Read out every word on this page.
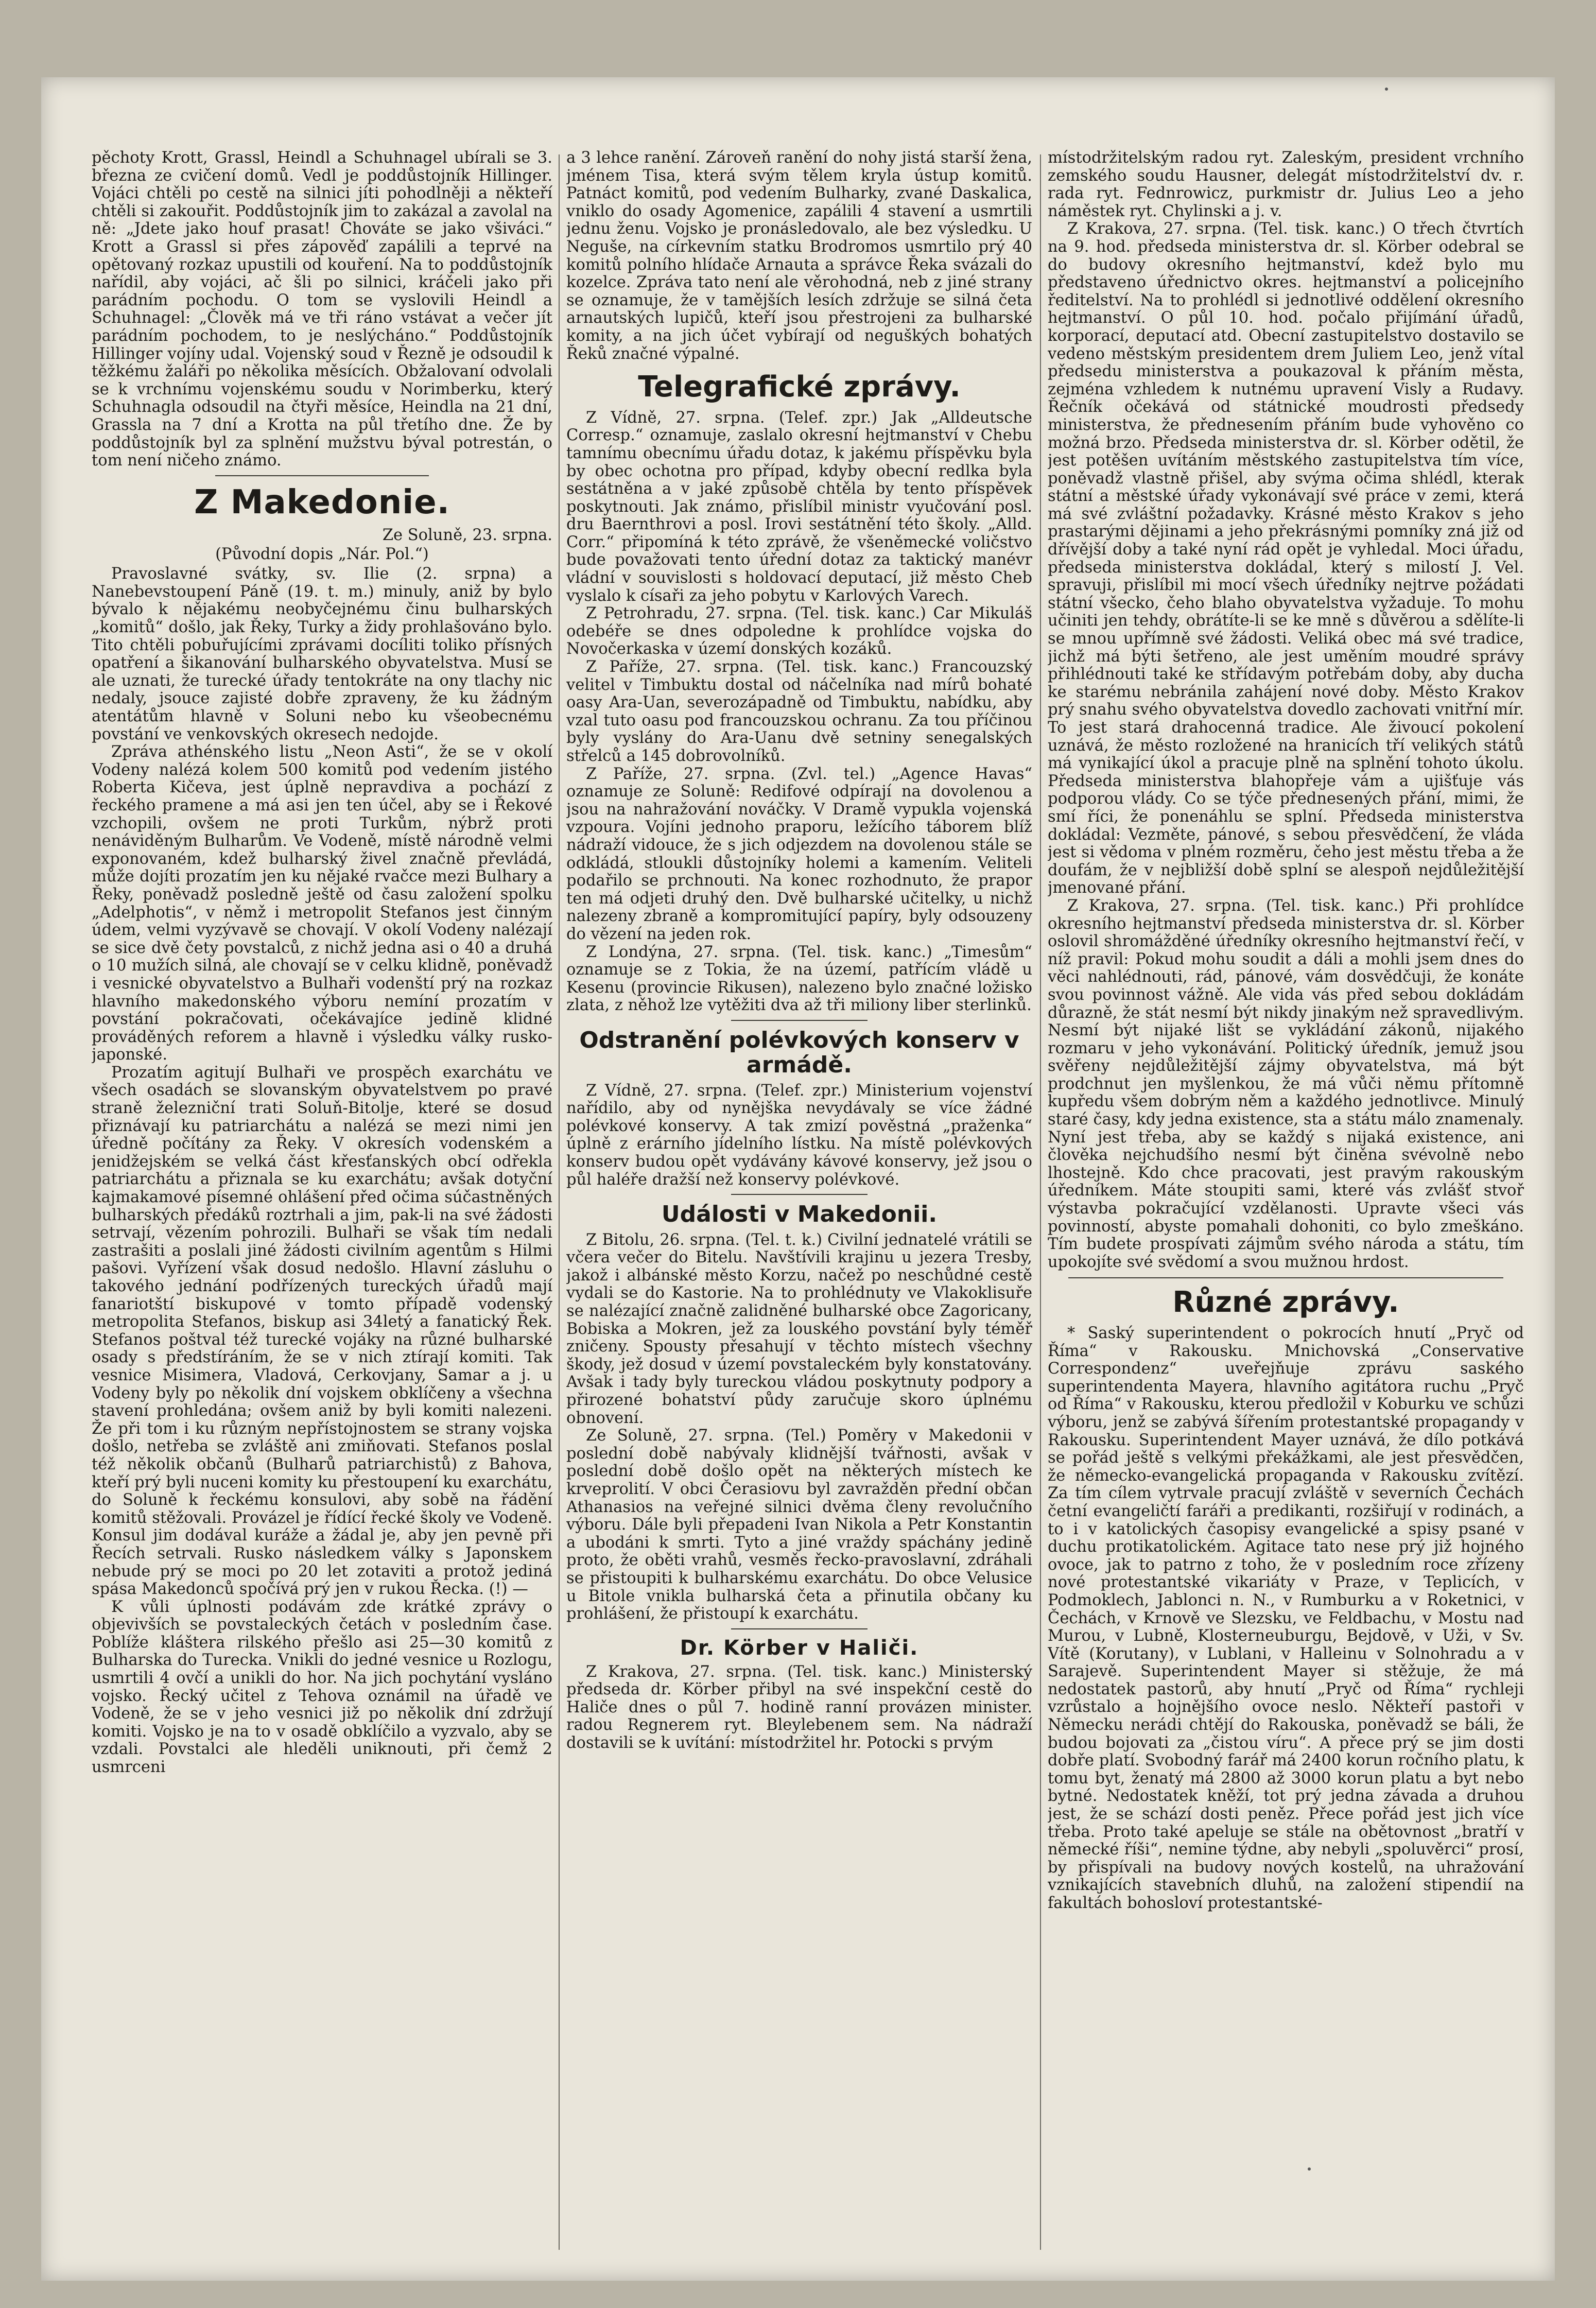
pěchoty Krott, Grassl, Heindl a Schuhnagel ubírali se 3. března ze cvičení domů. Vedl je poddůstojník Hillinger. Vojáci chtěli po cestě na silnici jíti pohodlněji a někteří chtěli si zakouřit. Poddůstojník jim to zakázal a zavolal na ně: „Jdete jako houf prasat! Chováte se jako všiváci.“ Krott a Grassl si přes zápověď zapálili a teprvé na opětovaný rozkaz upustili od kouření. Na to poddůstojník nařídil, aby vojáci, ač šli po silnici, kráčeli jako při parádním pochodu. O tom se vyslovili Heindl a Schuhnagel: „Člověk má ve tři ráno vstávat a večer jít parádním pochodem, to je neslýcháno.“ Poddůstojník Hillinger vojíny udal. Vojenský soud v Řezně je odsoudil k těžkému žaláři po několika měsících. Obžalovaní odvolali se k vrchnímu vojenskému soudu v Norimberku, který Schuhnagla odsoudil na čtyři měsíce, Heindla na 21 dní, Grassla na 7 dní a Krotta na půl třetího dne. Že by poddůstojník byl za splnění mužstvu býval potrestán, o tom není ničeho známo.

Z Makedonie.

Ze Soluně, 23. srpna.

(Původní dopis „Nár. Pol.“)

Pravoslavné svátky, sv. Ilie (2. srpna) a Nanebevstoupení Páně (19. t. m.) minuly, aniž by bylo bývalo k nějakému neobyčejnému činu bulharských „komitů“ došlo, jak Řeky, Turky a židy prohlašováno bylo. Tito chtěli pobuřujícími zprávami docíliti toliko přísných opatření a šikanování bulharského obyvatelstva. Musí se ale uznati, že turecké úřady tentokráte na ony tlachy nic nedaly, jsouce zajisté dobře zpraveny, že ku žádným atentátům hlavně v Soluni nebo ku všeobecnému povstání ve venkovských okresech nedojde.

Zpráva athénského listu „Neon Asti“, že se v okolí Vodeny nalézá kolem 500 komitů pod vedením jistého Roberta Kičeva, jest úplně nepravdiva a pochází z řeckého pramene a má asi jen ten účel, aby se i Řekové vzchopili, ovšem ne proti Turkům, nýbrž proti nenáviděným Bulharům. Ve Vodeně, místě národně velmi exponovaném, kdež bulharský živel značně převládá, může dojíti prozatím jen ku nějaké rvačce mezi Bulhary a Řeky, poněvadž posledně ještě od času založení spolku „Adelphotis“, v němž i metropolit Stefanos jest činným údem, velmi vyzývavě se chovají. V okolí Vodeny nalézají se sice dvě čety povstalců, z nichž jedna asi o 40 a druhá o 10 mužích silná, ale chovají se v celku klidně, poněvadž i vesnické obyvatelstvo a Bulhaři vodenští prý na rozkaz hlavního makedonského výboru nemíní prozatím v povstání pokračovati, očekávajíce jedině klidné prováděných reforem a hlavně i výsledku války rusko-japonské.

Prozatím agitují Bulhaři ve prospěch exarchátu ve všech osadách se slovanským obyvatelstvem po pravé straně železniční trati Soluň-Bitolje, které se dosud přiznávají ku patriarchátu a nalézá se mezi nimi jen úředně počítány za Řeky. V okresích vodenském a jenidžejském se velká část křesťanských obcí odřekla patriarchátu a přiznala se ku exarchátu; avšak dotyční kajmakamové písemné ohlášení před očima súčastněných bulharských předáků roztrhali a jim, pak-li na své žádosti setrvají, vězením pohrozili. Bulhaři se však tím nedali zastrašiti a poslali jiné žádosti civilním agentům s Hilmi pašovi. Vyřízení však dosud nedošlo. Hlavní zásluhu o takového jednání podřízených tureckých úřadů mají fanariotští biskupové v tomto případě vodenský metropolita Stefanos, biskup asi 34letý a fanatický Řek. Stefanos poštval též turecké vojáky na různé bulharské osady s předstíráním, že se v nich ztírají komiti. Tak vesnice Misimera, Vladová, Cerkovjany, Samar a j. u Vodeny byly po několik dní vojskem obklíčeny a všechna stavení prohledána; ovšem aniž by byli komiti nalezeni. Že při tom i ku různým nepřístojnostem se strany vojska došlo, netřeba se zvláště ani zmiňovati. Stefanos poslal též několik občanů (Bulharů patriarchistů) z Bahova, kteří prý byli nuceni komity ku přestoupení ku exarchátu, do Soluně k řeckému konsulovi, aby sobě na řádění komitů stěžovali. Provázel je řídící řecké školy ve Vodeně. Konsul jim dodával kuráže a žádal je, aby jen pevně při Řecích setrvali. Rusko následkem války s Japonskem nebude prý se moci po 20 let zotaviti a protož jediná spása Makedonců spočívá prý jen v rukou Řecka. (!) —

K vůli úplnosti podávám zde krátké zprávy o objevivších se povstaleckých četách v posledním čase. Poblíže kláštera rilského přešlo asi 25—30 komitů z Bulharska do Turecka. Vnikli do jedné vesnice u Rozlogu, usmrtili 4 ovčí a unikli do hor. Na jich pochytání vysláno vojsko. Řecký učitel z Tehova oznámil na úřadě ve Vodeně, že se v jeho vesnici již po několik dní zdržují komiti. Vojsko je na to v osadě obklíčilo a vyzvalo, aby se vzdali. Povstalci ale hleděli uniknouti, při čemž 2 usmrceni

a 3 lehce ranění. Zároveň ranění do nohy jistá starší žena, jménem Tisa, která svým tělem kryla ústup komitů. Patnáct komitů, pod vedením Bulharky, zvané Daskalica, vniklo do osady Agomenice, zapálili 4 stavení a usmrtili jednu ženu. Vojsko je pronásledovalo, ale bez výsledku. U Neguše, na církevním statku Brodromos usmrtilo prý 40 komitů polního hlídače Arnauta a správce Řeka svázali do kozelce. Zpráva tato není ale věrohodná, neb z jiné strany se oznamuje, že v tamějších lesích zdržuje se silná četa arnautských lupičů, kteří jsou přestrojeni za bulharské komity, a na jich účet vybírají od neguškých bohatých Řeků značné výpalné.

Telegrafické zprávy.

Z Vídně, 27. srpna. (Telef. zpr.) Jak „Alldeutsche Corresp.“ oznamuje, zaslalo okresní hejtmanství v Chebu tamnímu obecnímu úřadu dotaz, k jakému příspěvku byla by obec ochotna pro případ, kdyby obecní redlka byla sestátněna a v jaké způsobě chtěla by tento příspěvek poskytnouti. Jak známo, přislíbil ministr vyučování posl. dru Baernthrovi a posl. Irovi sestátnění této školy. „Alld. Corr.“ připomíná k této zprávě, že všeněmecké voličstvo bude považovati tento úřední dotaz za taktický manévr vládní v souvislosti s holdovací deputací, již město Cheb vyslalo k císaři za jeho pobytu v Karlových Varech.

Z Petrohradu, 27. srpna. (Tel. tisk. kanc.) Car Mikuláš odebéře se dnes odpoledne k prohlídce vojska do Novočerkaska v území donských kozáků.

Z Paříže, 27. srpna. (Tel. tisk. kanc.) Francouzský velitel v Timbuktu dostal od náčelníka nad mírů bohaté oasy Ara-Uan, severozápadně od Timbuktu, nabídku, aby vzal tuto oasu pod francouzskou ochranu. Za tou příčinou byly vyslány do Ara-Uanu dvě setniny senegalských střelců a 145 dobrovolníků.

Z Paříže, 27. srpna. (Zvl. tel.) „Agence Havas“ oznamuje ze Soluně: Redifové odpírají na dovolenou a jsou na nahražování nováčky. V Dramě vypukla vojenská vzpoura. Vojíni jednoho praporu, ležícího táborem blíž nádraží vidouce, že s jich odjezdem na dovolenou stále se odkládá, stloukli důstojníky holemi a kamením. Veliteli podařilo se prchnouti. Na konec rozhodnuto, že prapor ten má odjeti druhý den. Dvě bulharské učitelky, u nichž nalezeny zbraně a kompromitující papíry, byly odsouzeny do vězení na jeden rok.

Z Londýna, 27. srpna. (Tel. tisk. kanc.) „Timesům“ oznamuje se z Tokia, že na území, patřícím vládě u Kesenu (provincie Rikusen), nalezeno bylo značné ložisko zlata, z něhož lze vytěžiti dva až tři miliony liber sterlinků.

Odstranění polévkových konserv v armádě.

Z Vídně, 27. srpna. (Telef. zpr.) Ministerium vojenství nařídilo, aby od nynějška nevydávaly se více žádné polévkové konservy. A tak zmizí pověstná „praženka“ úplně z erárního jídelního lístku. Na místě polévkových konserv budou opět vydávány kávové konservy, jež jsou o půl haléře dražší než konservy polévkové.

Události v Makedonii.

Z Bitolu, 26. srpna. (Tel. t. k.) Civilní jednatelé vrátili se včera večer do Bitelu. Navštívili krajinu u jezera Tresby, jakož i albánské město Korzu, načež po neschůdné cestě vydali se do Kastorie. Na to prohlédnuty ve Vlakoklisuře se nalézající značně zalidněné bulharské obce Zagoricany, Bobiska a Mokren, jež za louského povstání byly téměř zničeny. Spousty přesahují v těchto místech všechny škody, jež dosud v území povstaleckém byly konstatovány. Avšak i tady byly tureckou vládou poskytnuty podpory a přirozené bohatství půdy zaručuje skoro úplnému obnovení.

Ze Soluně, 27. srpna. (Tel.) Poměry v Makedonii v poslední době nabývaly klidnější tvářnosti, avšak v poslední době došlo opět na některých místech ke krveprolití. V obci Čerasiovu byl zavražděn přední občan Athanasios na veřejné silnici dvěma členy revolučního výboru. Dále byli přepadeni Ivan Nikola a Petr Konstantin a ubodáni k smrti. Tyto a jiné vraždy spáchány jedině proto, že oběti vrahů, vesměs řecko-pravoslavní, zdráhali se přistoupiti k bulharskému exarchátu. Do obce Velusice u Bitole vnikla bulharská četa a přinutila občany ku prohlášení, že přistoupí k exarchátu.

Dr. Körber v Haliči.

Z Krakova, 27. srpna. (Tel. tisk. kanc.) Ministerský předseda dr. Körber přibyl na své inspekční cestě do Haliče dnes o půl 7. hodině ranní provázen minister. radou Regnerem ryt. Bleylebenem sem. Na nádraží dostavili se k uvítání: místodržitel hr. Potocki s prvým

místodržitelským radou ryt. Zaleským, president vrchního zemského soudu Hausner, delegát místodržitelství dv. r. rada ryt. Fednrowicz, purkmistr dr. Julius Leo a jeho náměstek ryt. Chylinski a j. v.

Z Krakova, 27. srpna. (Tel. tisk. kanc.) O třech čtvrtích na 9. hod. předseda ministerstva dr. sl. Körber odebral se do budovy okresního hejtmanství, kdež bylo mu představeno úřednictvo okres. hejtmanství a policejního ředitelství. Na to prohlédl si jednotlivé oddělení okresního hejtmanství. O půl 10. hod. počalo přijímání úřadů, korporací, deputací atd. Obecní zastupitelstvo dostavilo se vedeno městským presidentem drem Juliem Leo, jenž vítal předsedu ministerstva a poukazoval k přáním města, zejména vzhledem k nutnému upravení Visly a Rudavy. Řečník očekává od státnické moudrosti předsedy ministerstva, že přednesením přáním bude vyhověno co možná brzo. Předseda ministerstva dr. sl. Körber odětil, že jest potěšen uvítáním městského zastupitelstva tím více, poněvadž vlastně přišel, aby svýma očima shlédl, kterak státní a městské úřady vykonávají své práce v zemi, která má své zvláštní požadavky. Krásné město Krakov s jeho prastarými dějinami a jeho překrásnými pomníky zná již od dřívější doby a také nyní rád opět je vyhledal. Moci úřadu, předseda ministerstva dokládal, který s milostí J. Vel. spravuji, přislíbil mi mocí všech úředníky nejtrve požádati státní všecko, čeho blaho obyvatelstva vyžaduje. To mohu učiniti jen tehdy, obrátíte-li se ke mně s důvěrou a sdělíte-li se mnou upřímně své žádosti. Veliká obec má své tradice, jichž má býti šetřeno, ale jest uměním moudré správy přihlédnouti také ke střídavým potřebám doby, aby ducha ke starému nebránila zahájení nové doby. Město Krakov prý snahu svého obyvatelstva dovedlo zachovati vnitřní mír. To jest stará drahocenná tradice. Ale živoucí pokolení uznává, že město rozložené na hranicích tří velikých států má vynikající úkol a pracuje plně na splnění tohoto úkolu. Předseda ministerstva blahopřeje vám a ujišťuje vás podporou vlády. Co se týče přednesených přání, mimi, že smí říci, že ponenáhlu se splní. Předseda ministerstva dokládal: Vezměte, pánové, s sebou přesvědčení, že vláda jest si vědoma v plném rozměru, čeho jest městu třeba a že doufám, že v nejbližší době splní se alespoň nejdůležitější jmenované přání.

Z Krakova, 27. srpna. (Tel. tisk. kanc.) Při prohlídce okresního hejtmanství předseda ministerstva dr. sl. Körber oslovil shromážděné úředníky okresního hejtmanství řečí, v níž pravil: Pokud mohu soudit a dáli a mohli jsem dnes do věci nahlédnouti, rád, pánové, vám dosvědčuji, že konáte svou povinnost vážně. Ale vida vás před sebou dokládám důrazně, že stát nesmí být nikdy jinakým než spravedlivým. Nesmí být nijaké lišt se vykládání zákonů, nijakého rozmaru v jeho vykonávání. Politický úředník, jemuž jsou svěřeny nejdůležitější zájmy obyvatelstva, má být prodchnut jen myšlenkou, že má vůči němu přítomně kupředu všem dobrým něm a každého jednotlivce. Minulý staré časy, kdy jedna existence, sta a státu málo znamenaly. Nyní jest třeba, aby se každý s nijaká existence, ani člověka nejchudšího nesmí být činěna svévolně nebo lhostejně. Kdo chce pracovati, jest pravým rakouským úředníkem. Máte stoupiti sami, které vás zvlášť stvoř výstavba pokračující vzdělanosti. Upravte všeci vás povinností, abyste pomahali dohoniti, co bylo zmeškáno. Tím budete prospívati zájmům svého národa a státu, tím upokojíte své svědomí a svou mužnou hrdost.

Různé zprávy.

* Saský superintendent o pokrocích hnutí „Pryč od Říma“ v Rakousku. Mnichovská „Conservative Correspondenz“ uveřejňuje zprávu saského superintendenta Mayera, hlavního agitátora ruchu „Pryč od Říma“ v Rakousku, kterou předložil v Koburku ve schůzi výboru, jenž se zabývá šířením protestantské propagandy v Rakousku. Superintendent Mayer uznává, že dílo potkává se pořád ještě s velkými překážkami, ale jest přesvědčen, že německo-evangelická propaganda v Rakousku zvítězí. Za tím cílem vytrvale pracují zvláště v severních Čechách četní evangeličtí faráři a predikanti, rozšiřují v rodinách, a to i v katolických časopisy evangelické a spisy psané v duchu protikatolickém. Agitace tato nese prý již hojného ovoce, jak to patrno z toho, že v posledním roce zřízeny nové protestantské vikariáty v Praze, v Teplicích, v Podmoklech, Jablonci n. N., v Rumburku a v Roketnici, v Čechách, v Krnově ve Slezsku, ve Feldbachu, v Mostu nad Murou, v Lubně, Klosterneuburgu, Bejdově, v Uži, v Sv. Vítě (Korutany), v Lublani, v Halleinu v Solnohradu a v Sarajevě. Superintendent Mayer si stěžuje, že má nedostatek pastorů, aby hnutí „Pryč od Říma“ rychleji vzrůstalo a hojnějšího ovoce neslo. Někteří pastoři v Německu nerádi chtějí do Rakouska, poněvadž se báli, že budou bojovati za „čistou víru“. A přece prý se jim dosti dobře platí. Svobodný farář má 2400 korun ročního platu, k tomu byt, ženatý má 2800 až 3000 korun platu a byt nebo bytné. Nedostatek kněží, tot prý jedna závada a druhou jest, že se schází dosti peněz. Přece pořád jest jich více třeba. Proto také apeluje se stále na obětovnost „bratří v německé říši“, nemine týdne, aby nebyli „spoluvěrci“ prosí, by přispívali na budovy nových kostelů, na uhražování vznikajících stavebních dluhů, na založení stipendií na fakultách bohosloví protestantské-
